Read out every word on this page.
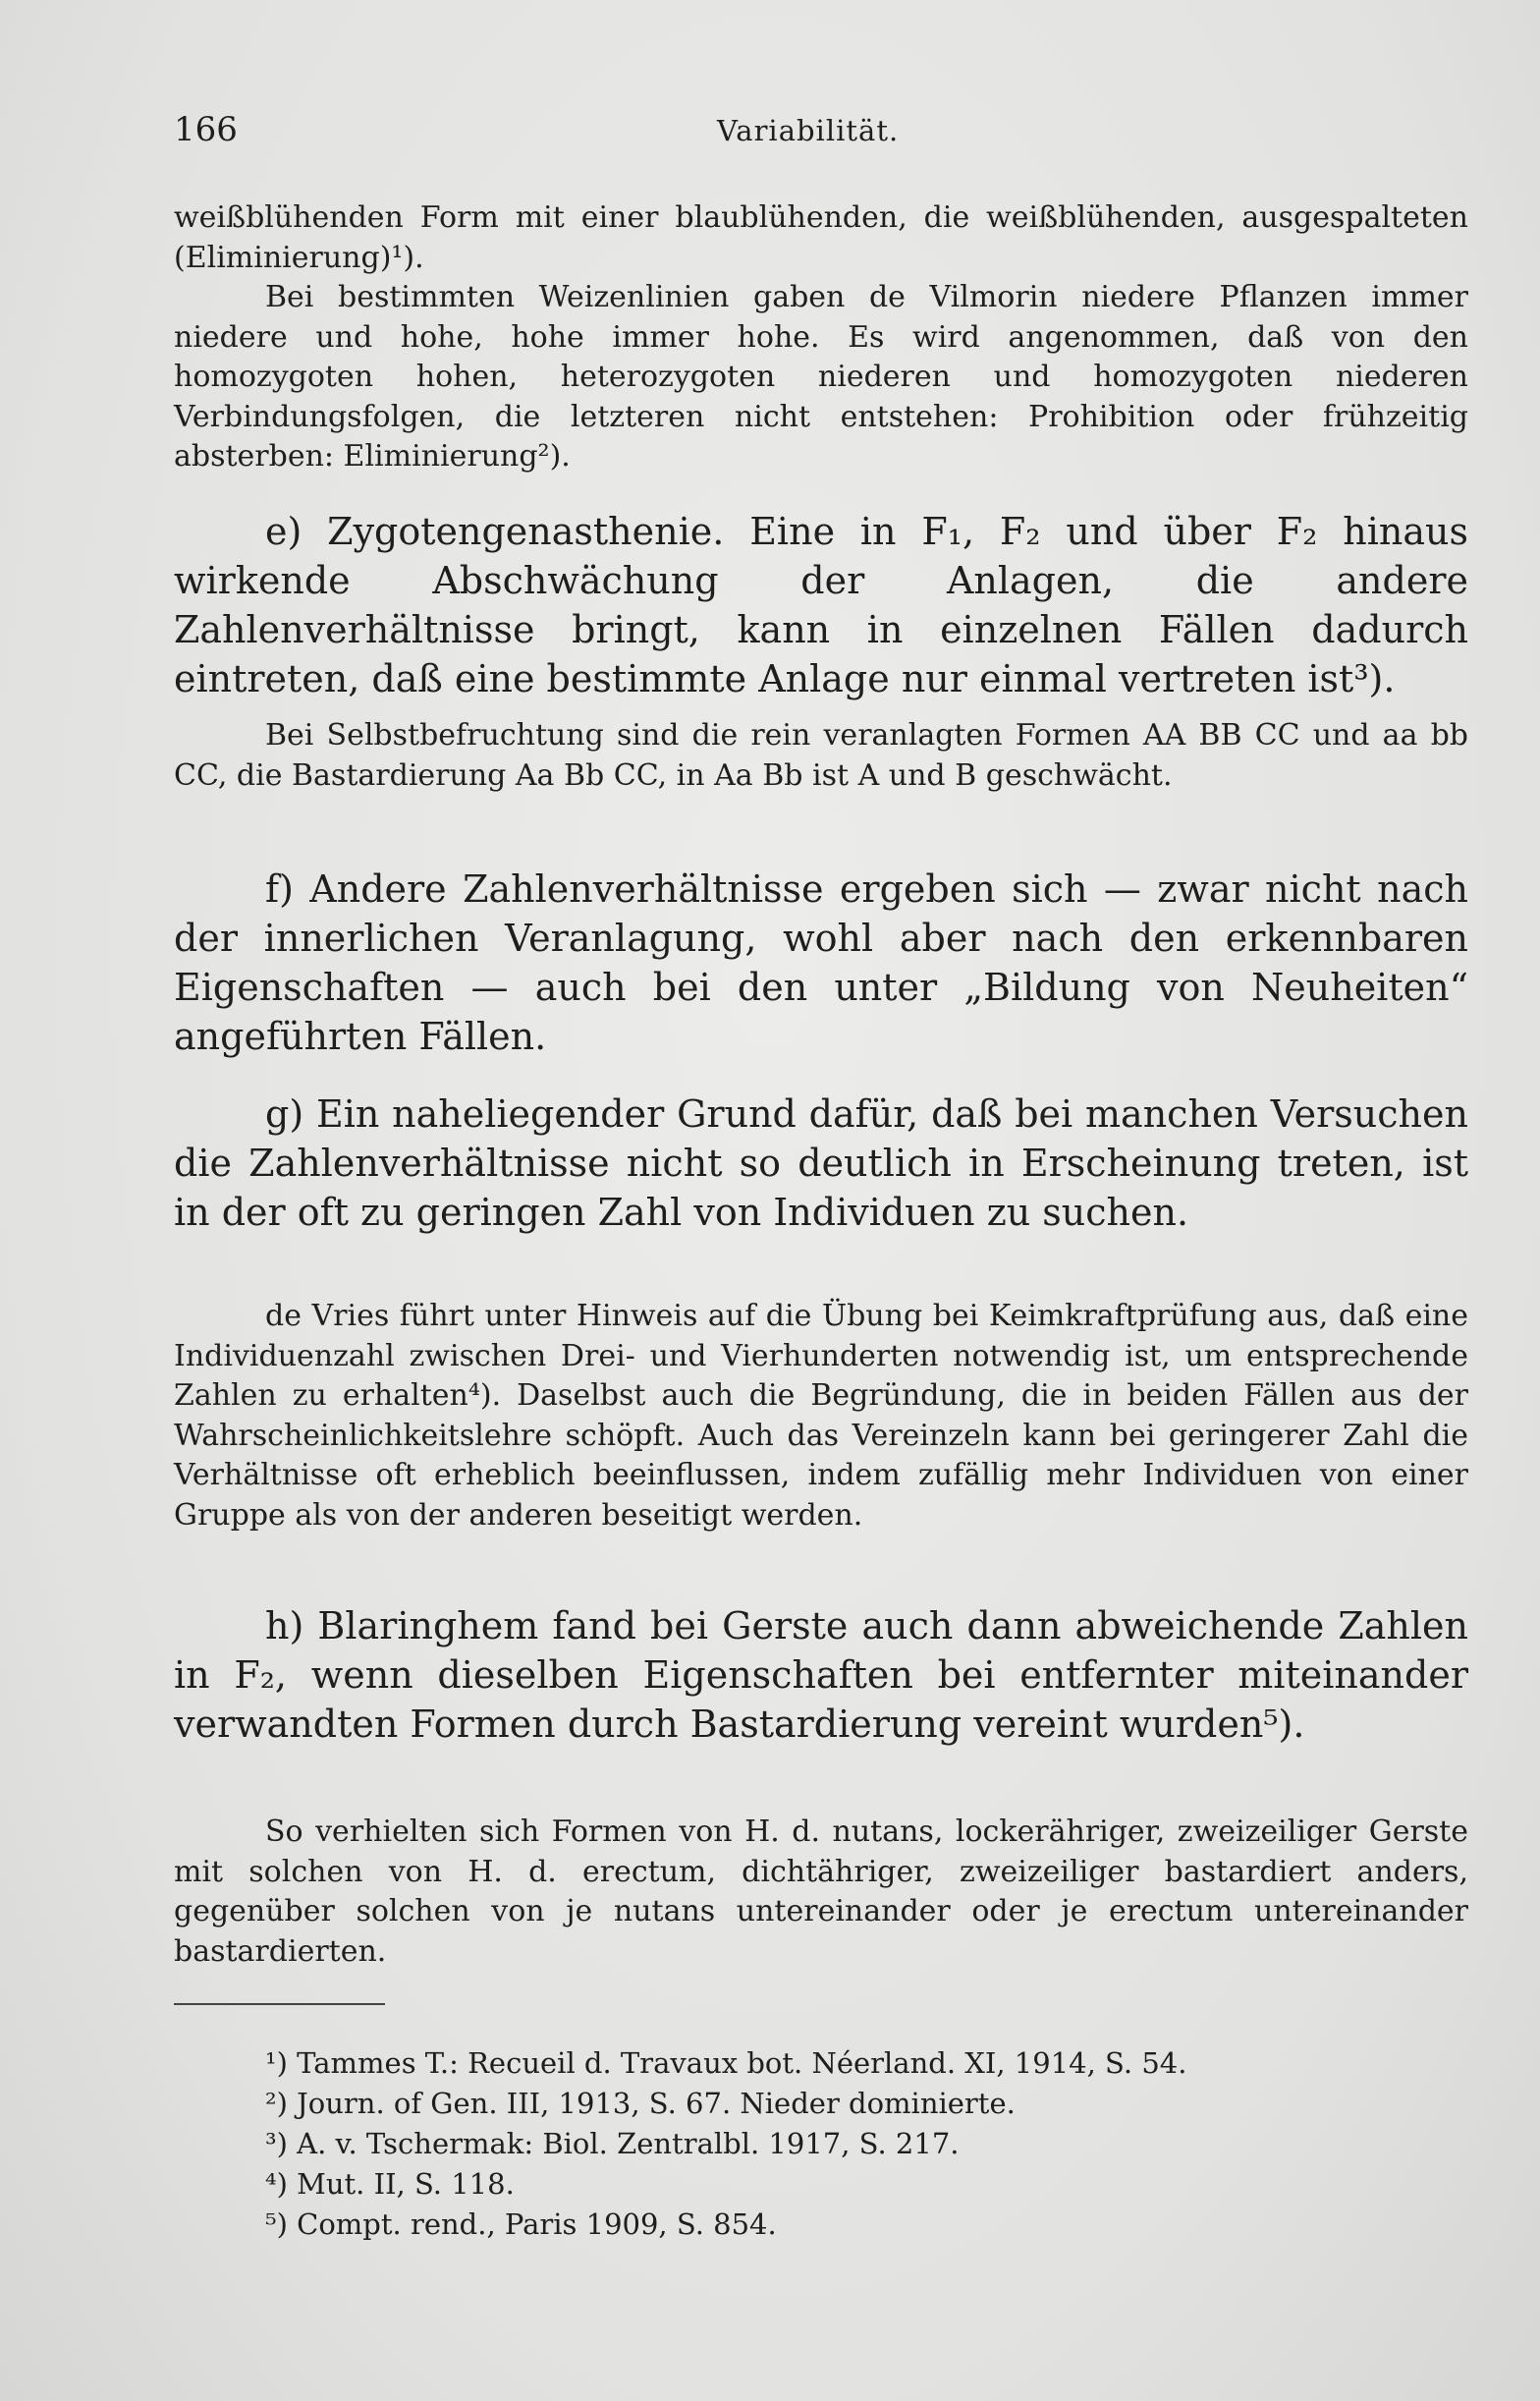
166	Variabilität.

weißblühenden Form mit einer blaublühenden, die weißblühenden, ausgespalteten (Eliminierung)¹).

Bei bestimmten Weizenlinien gaben de Vilmorin niedere Pflanzen immer niedere und hohe, hohe immer hohe. Es wird angenommen, daß von den homozygoten hohen, heterozygoten niederen und homozygoten niederen Verbindungsfolgen, die letzteren nicht entstehen: Prohibition oder frühzeitig absterben: Eliminierung²).

e) Zygotengenasthenie. Eine in F₁, F₂ und über F₂ hinaus wirkende Abschwächung der Anlagen, die andere Zahlenverhältnisse bringt, kann in einzelnen Fällen dadurch eintreten, daß eine bestimmte Anlage nur einmal vertreten ist³).

Bei Selbstbefruchtung sind die rein veranlagten Formen AA BB CC und aa bb CC, die Bastardierung Aa Bb CC, in Aa Bb ist A und B geschwächt.

f) Andere Zahlenverhältnisse ergeben sich — zwar nicht nach der innerlichen Veranlagung, wohl aber nach den erkennbaren Eigenschaften — auch bei den unter „Bildung von Neuheiten“ angeführten Fällen.

g) Ein naheliegender Grund dafür, daß bei manchen Versuchen die Zahlenverhältnisse nicht so deutlich in Erscheinung treten, ist in der oft zu geringen Zahl von Individuen zu suchen.

de Vries führt unter Hinweis auf die Übung bei Keimkraftprüfung aus, daß eine Individuenzahl zwischen Drei- und Vierhunderten notwendig ist, um entsprechende Zahlen zu erhalten⁴). Daselbst auch die Begründung, die in beiden Fällen aus der Wahrscheinlichkeitslehre schöpft. Auch das Vereinzeln kann bei geringerer Zahl die Verhältnisse oft erheblich beeinflussen, indem zufällig mehr Individuen von einer Gruppe als von der anderen beseitigt werden.

h) Blaringhem fand bei Gerste auch dann abweichende Zahlen in F₂, wenn dieselben Eigenschaften bei entfernter miteinander verwandten Formen durch Bastardierung vereint wurden⁵).

So verhielten sich Formen von H. d. nutans, lockerähriger, zweizeiliger Gerste mit solchen von H. d. erectum, dichtähriger, zweizeiliger bastardiert anders, gegenüber solchen von je nutans untereinander oder je erectum untereinander bastardierten.

¹) Tammes T.: Recueil d. Travaux bot. Néerland. XI, 1914, S. 54.

²) Journ. of Gen. III, 1913, S. 67. Nieder dominierte.

³) A. v. Tschermak: Biol. Zentralbl. 1917, S. 217.

⁴) Mut. II, S. 118.

⁵) Compt. rend., Paris 1909, S. 854.
